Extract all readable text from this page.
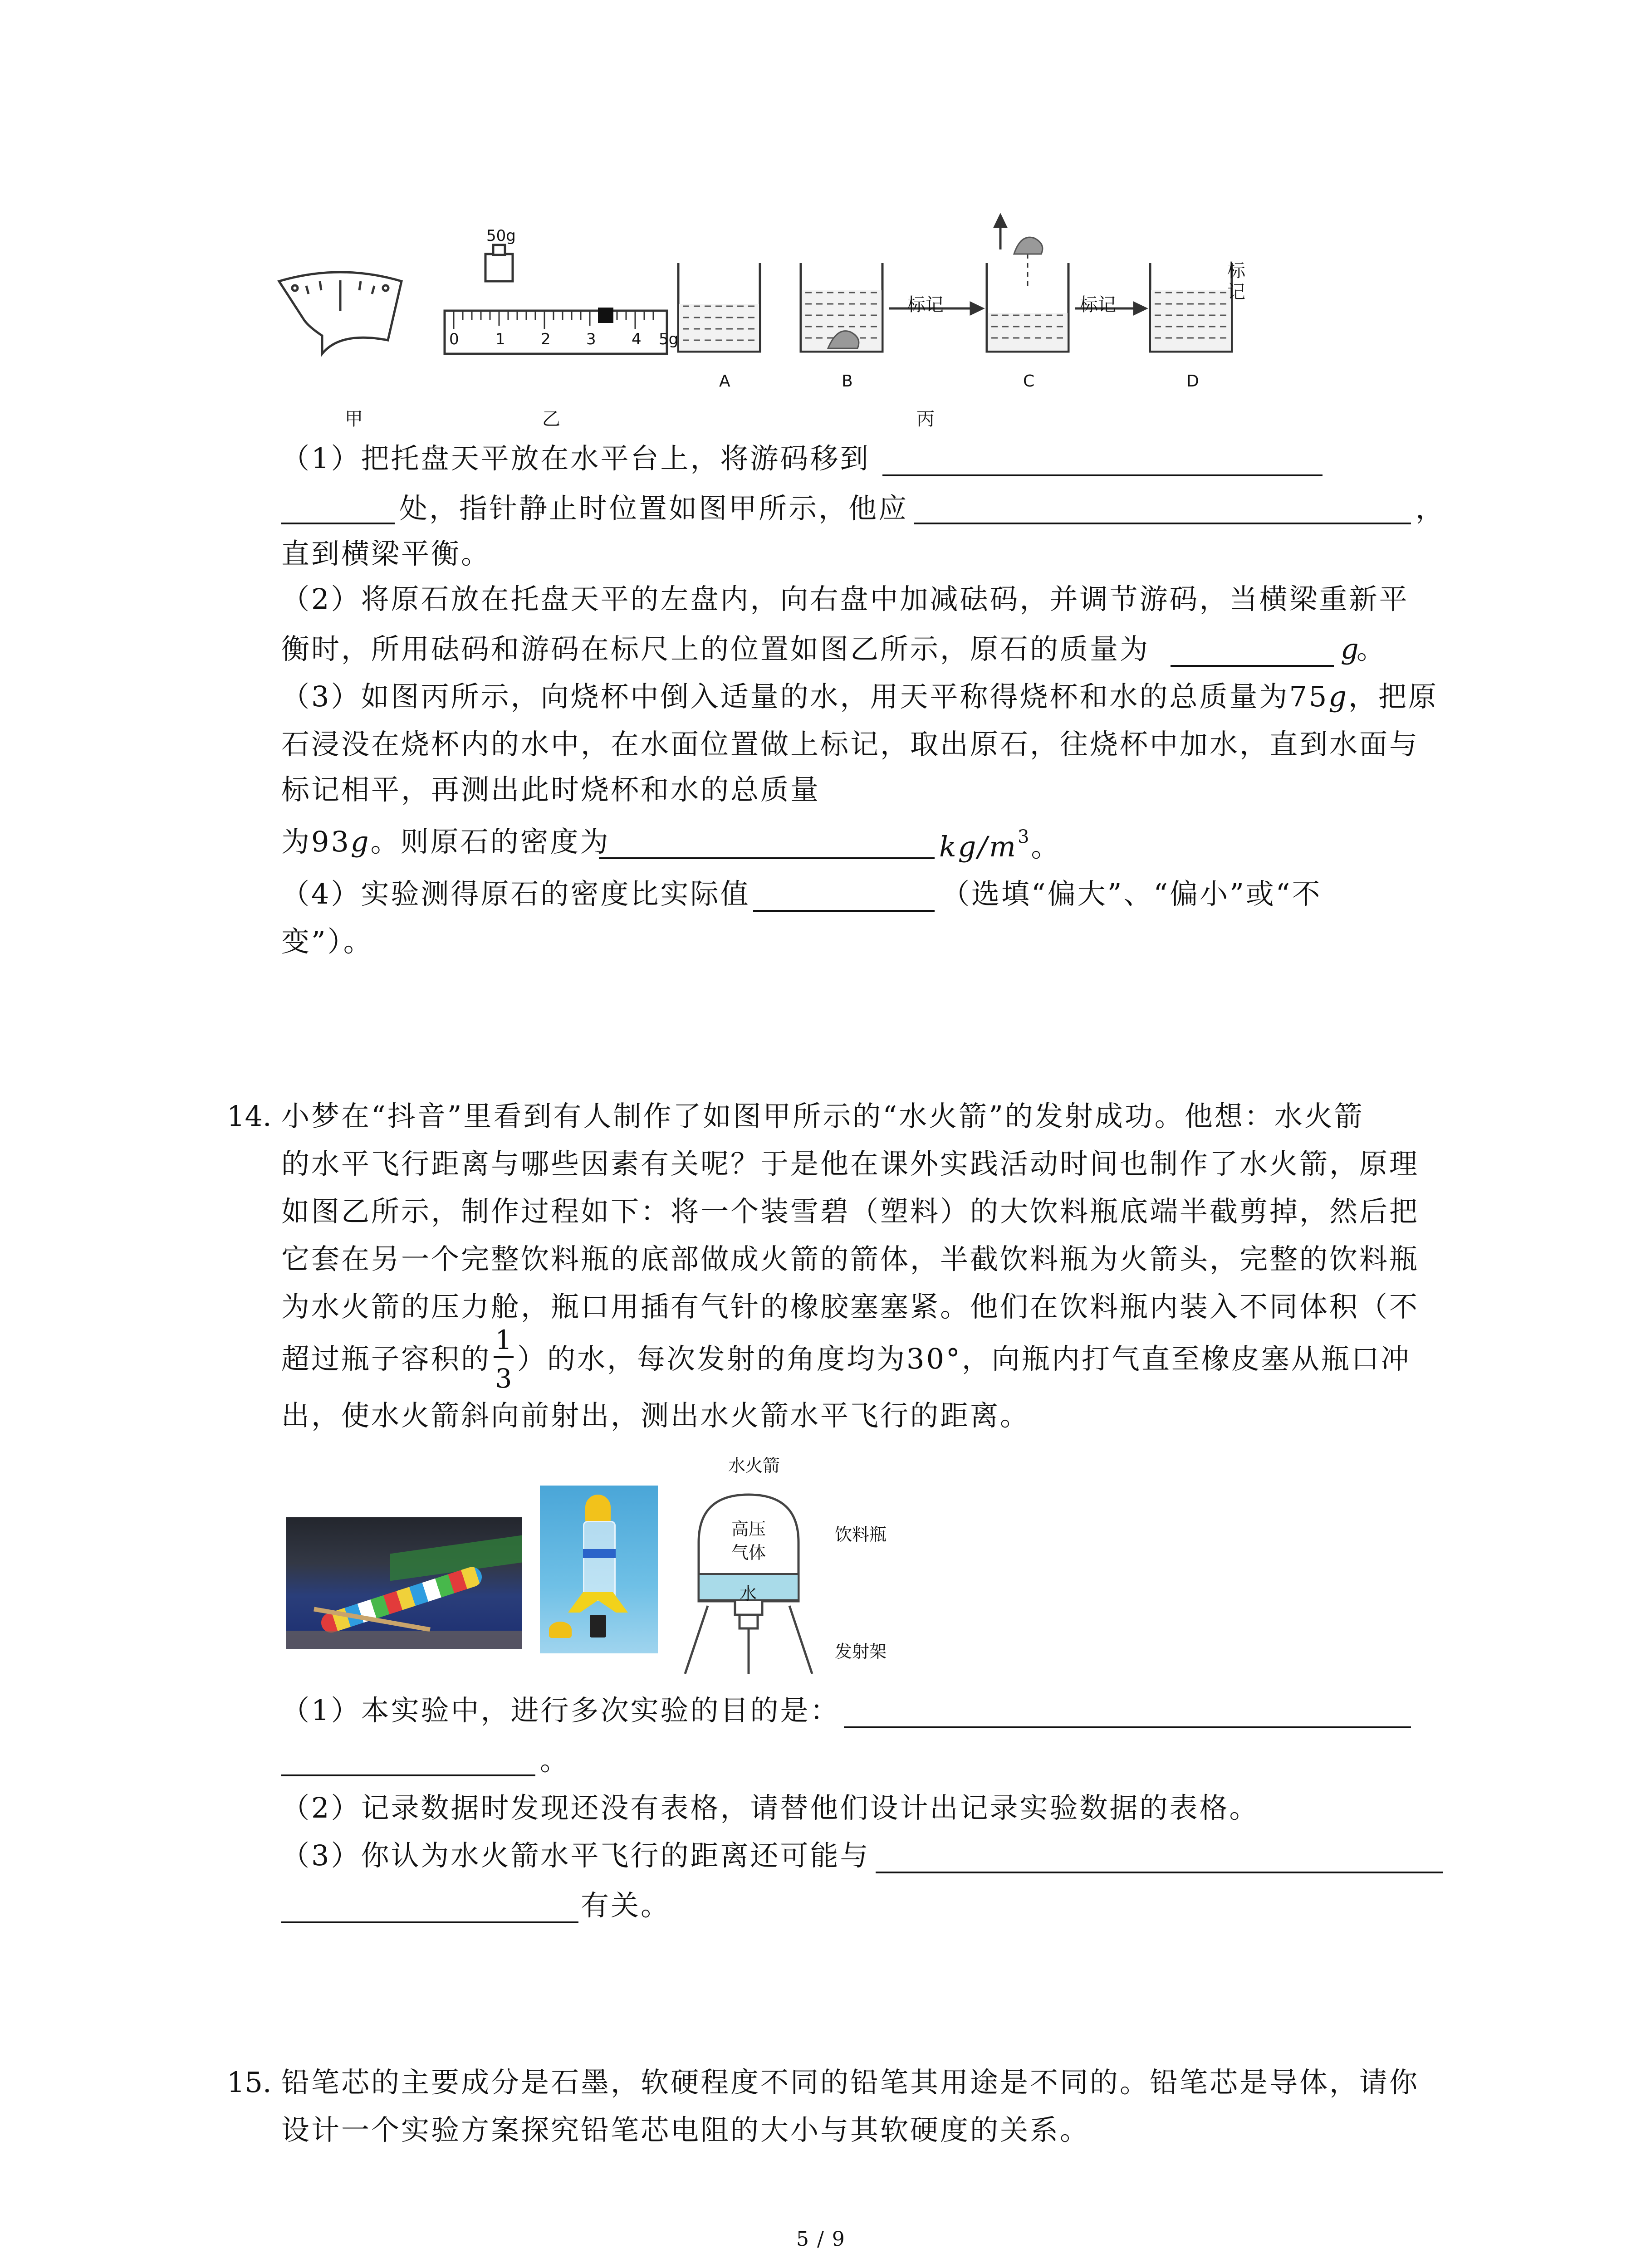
50g
0 1 2 3 4 5g
A	B	C	D
标记	标记
标
记
甲	乙	丙
（1）把托盘天平放在水平台上，将游码移到
处，指针静止时位置如图甲所示，他应	，
直到横梁平衡。
（2）将原石放在托盘天平的左盘内，向右盘中加减砝码，并调节游码，当横梁重新平
衡时，所用砝码和游码在标尺上的位置如图乙所示，原石的质量为	g
。
（3）如图丙所示，向烧杯中倒入适量的水，用天平称得烧杯和水的总质量为75g，把原
石浸没在烧杯内的水中，在水面位置做上标记，取出原石，往烧杯中加水，直到水面与
标记相平，再测出此时烧杯和水的总质量
为93g。则原石的密度为	$kg/m^3$。
（4）实验测得原石的密度比实际值	（选填“偏大”、“偏小”或“不
变”）。
14. 小梦在“抖音”里看到有人制作了如图甲所示的“水火箭”的发射成功。他想：水火箭
的水平飞行距离与哪些因素有关呢？于是他在课外实践活动时间也制作了水火箭，原理
如图乙所示，制作过程如下：将一个装雪碧（塑料）的大饮料瓶底端半截剪掉，然后把
它套在另一个完整饮料瓶的底部做成火箭的箭体，半截饮料瓶为火箭头，完整的饮料瓶
为水火箭的压力舱，瓶口用插有气针的橡胶塞塞紧。他们在饮料瓶内装入不同体积（不
超过瓶子容积的
1
3
）的水，每次发射的角度均为30°，向瓶内打气直至橡皮塞从瓶口冲
出，使水火箭斜向前射出，测出水火箭水平飞行的距离。
水火箭
高压
气体
水
饮料瓶
发射架
（1）本实验中，进行多次实验的目的是：
。
（2）记录数据时发现还没有表格，请替他们设计出记录实验数据的表格。
（3）你认为水火箭水平飞行的距离还可能与
有关。
15. 铅笔芯的主要成分是石墨，软硬程度不同的铅笔其用途是不同的。铅笔芯是导体，请你
设计一个实验方案探究铅笔芯电阻的大小与其软硬度的关系。
5 / 9
